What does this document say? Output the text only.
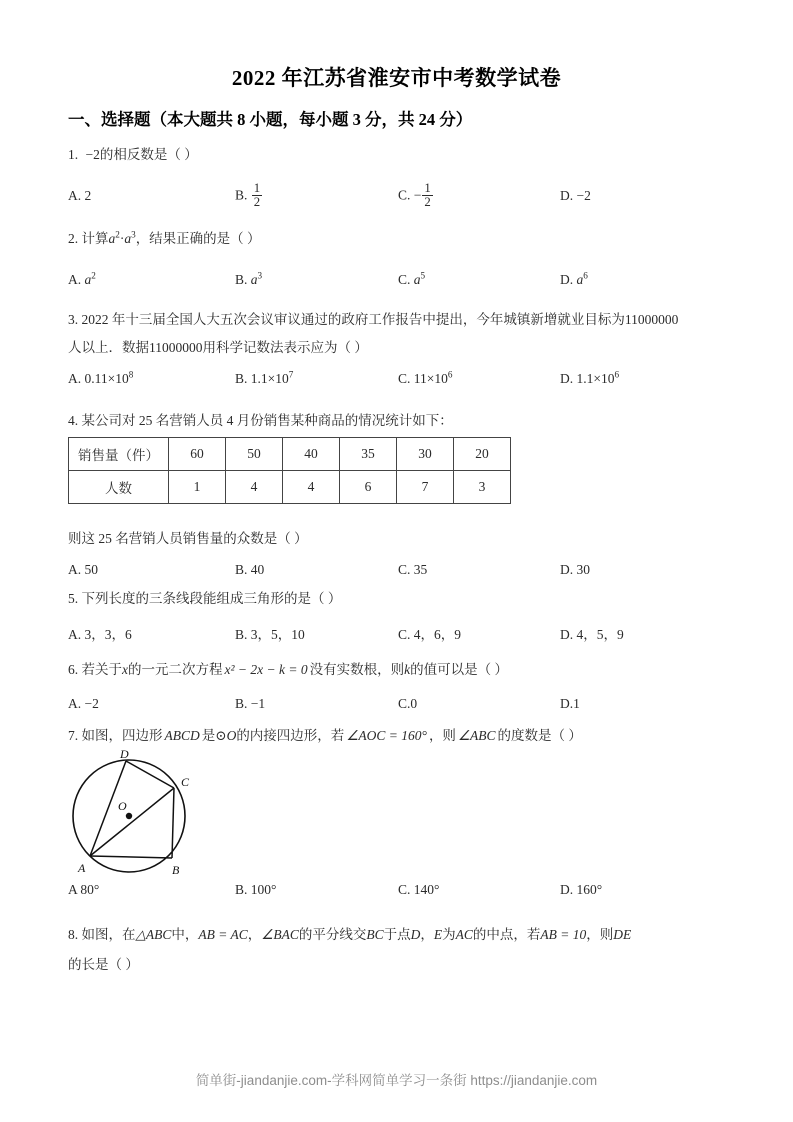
2022 年江苏省淮安市中考数学试卷
一、选择题（本大题共 8 小题，每小题 3 分，共 24 分）
1. −2的相反数是（ ）
A. 2	B. $\frac{1}{2}$	C. − $\frac{1}{2}$	D. −2
2. 计算$a^2\cdot a^3$，结果正确的是（ ）
A. $a^2$	B. $a^3$	C. $a^5$	D. $a^6$
3. 2022 年十三届全国人大五次会议审议通过的政府工作报告中提出，今年城镇新增就业目标为11000000
人以上．数据11000000用科学记数法表示应为（ ）
A. $0.11\times 10^8$	B. $1.1\times 10^7$	C. $11\times 10^6$	D. $1.1\times 10^6$
4. 某公司对 25 名营销人员 4 月份销售某种商品的情况统计如下：
销售量（件）	60	50	40	35	30	20
人数	1	4	4	6	7	3
则这 25 名营销人员销售量的众数是（ ）
A. 50	B. 40	C. 35	D. 30
5. 下列长度的三条线段能组成三角形的是（ ）
A. 3，3，6	B. 3，5，10	C. 4，6，9	D. 4，5，9
6. 若关于x的一元二次方程 x² − 2x − k = 0 没有实数根，则k的值可以是（ ）
A. −2	B. −1	C.0	D.1
7. 如图，四边形 ABCD 是⊙O的内接四边形，若 ∠AOC = 160° ，则 ∠ABC 的度数是（ ）
O
A	B
C
D
A 80°	B. 100°	C. 140°	D. 160°
8. 如图，在△ABC中，AB = AC，∠BAC的平分线交BC于点D，E为AC的中点，若AB = 10，则DE
的长是（ ）
简单街-jiandanjie.com-学科网简单学习一条街 https://jiandanjie.com
